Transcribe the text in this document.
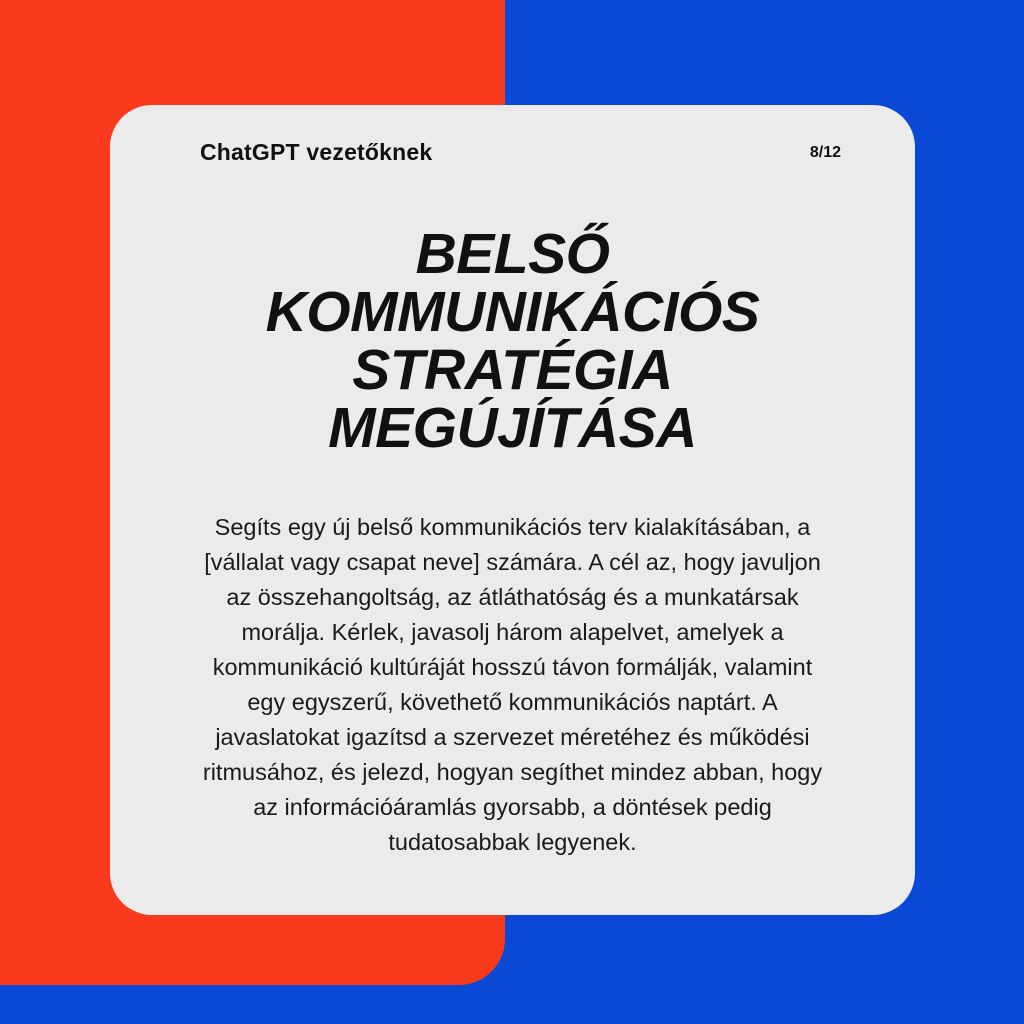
ChatGPT vezetőknek	8/12
BELSŐ KOMMUNIKÁCIÓS STRATÉGIA MEGÚJÍTÁSA

Segíts egy új belső kommunikációs terv kialakításában, a [vállalat vagy csapat neve] számára. A cél az, hogy javuljon az összehangoltság, az átláthatóság és a munkatársak morálja. Kérlek, javasolj három alapelvet, amelyek a kommunikáció kultúráját hosszú távon formálják, valamint egy egyszerű, követhető kommunikációs naptárt. A javaslatokat igazítsd a szervezet méretéhez és működési ritmusához, és jelezd, hogyan segíthet mindez abban, hogy az információáramlás gyorsabb, a döntések pedig tudatosabbak legyenek.
